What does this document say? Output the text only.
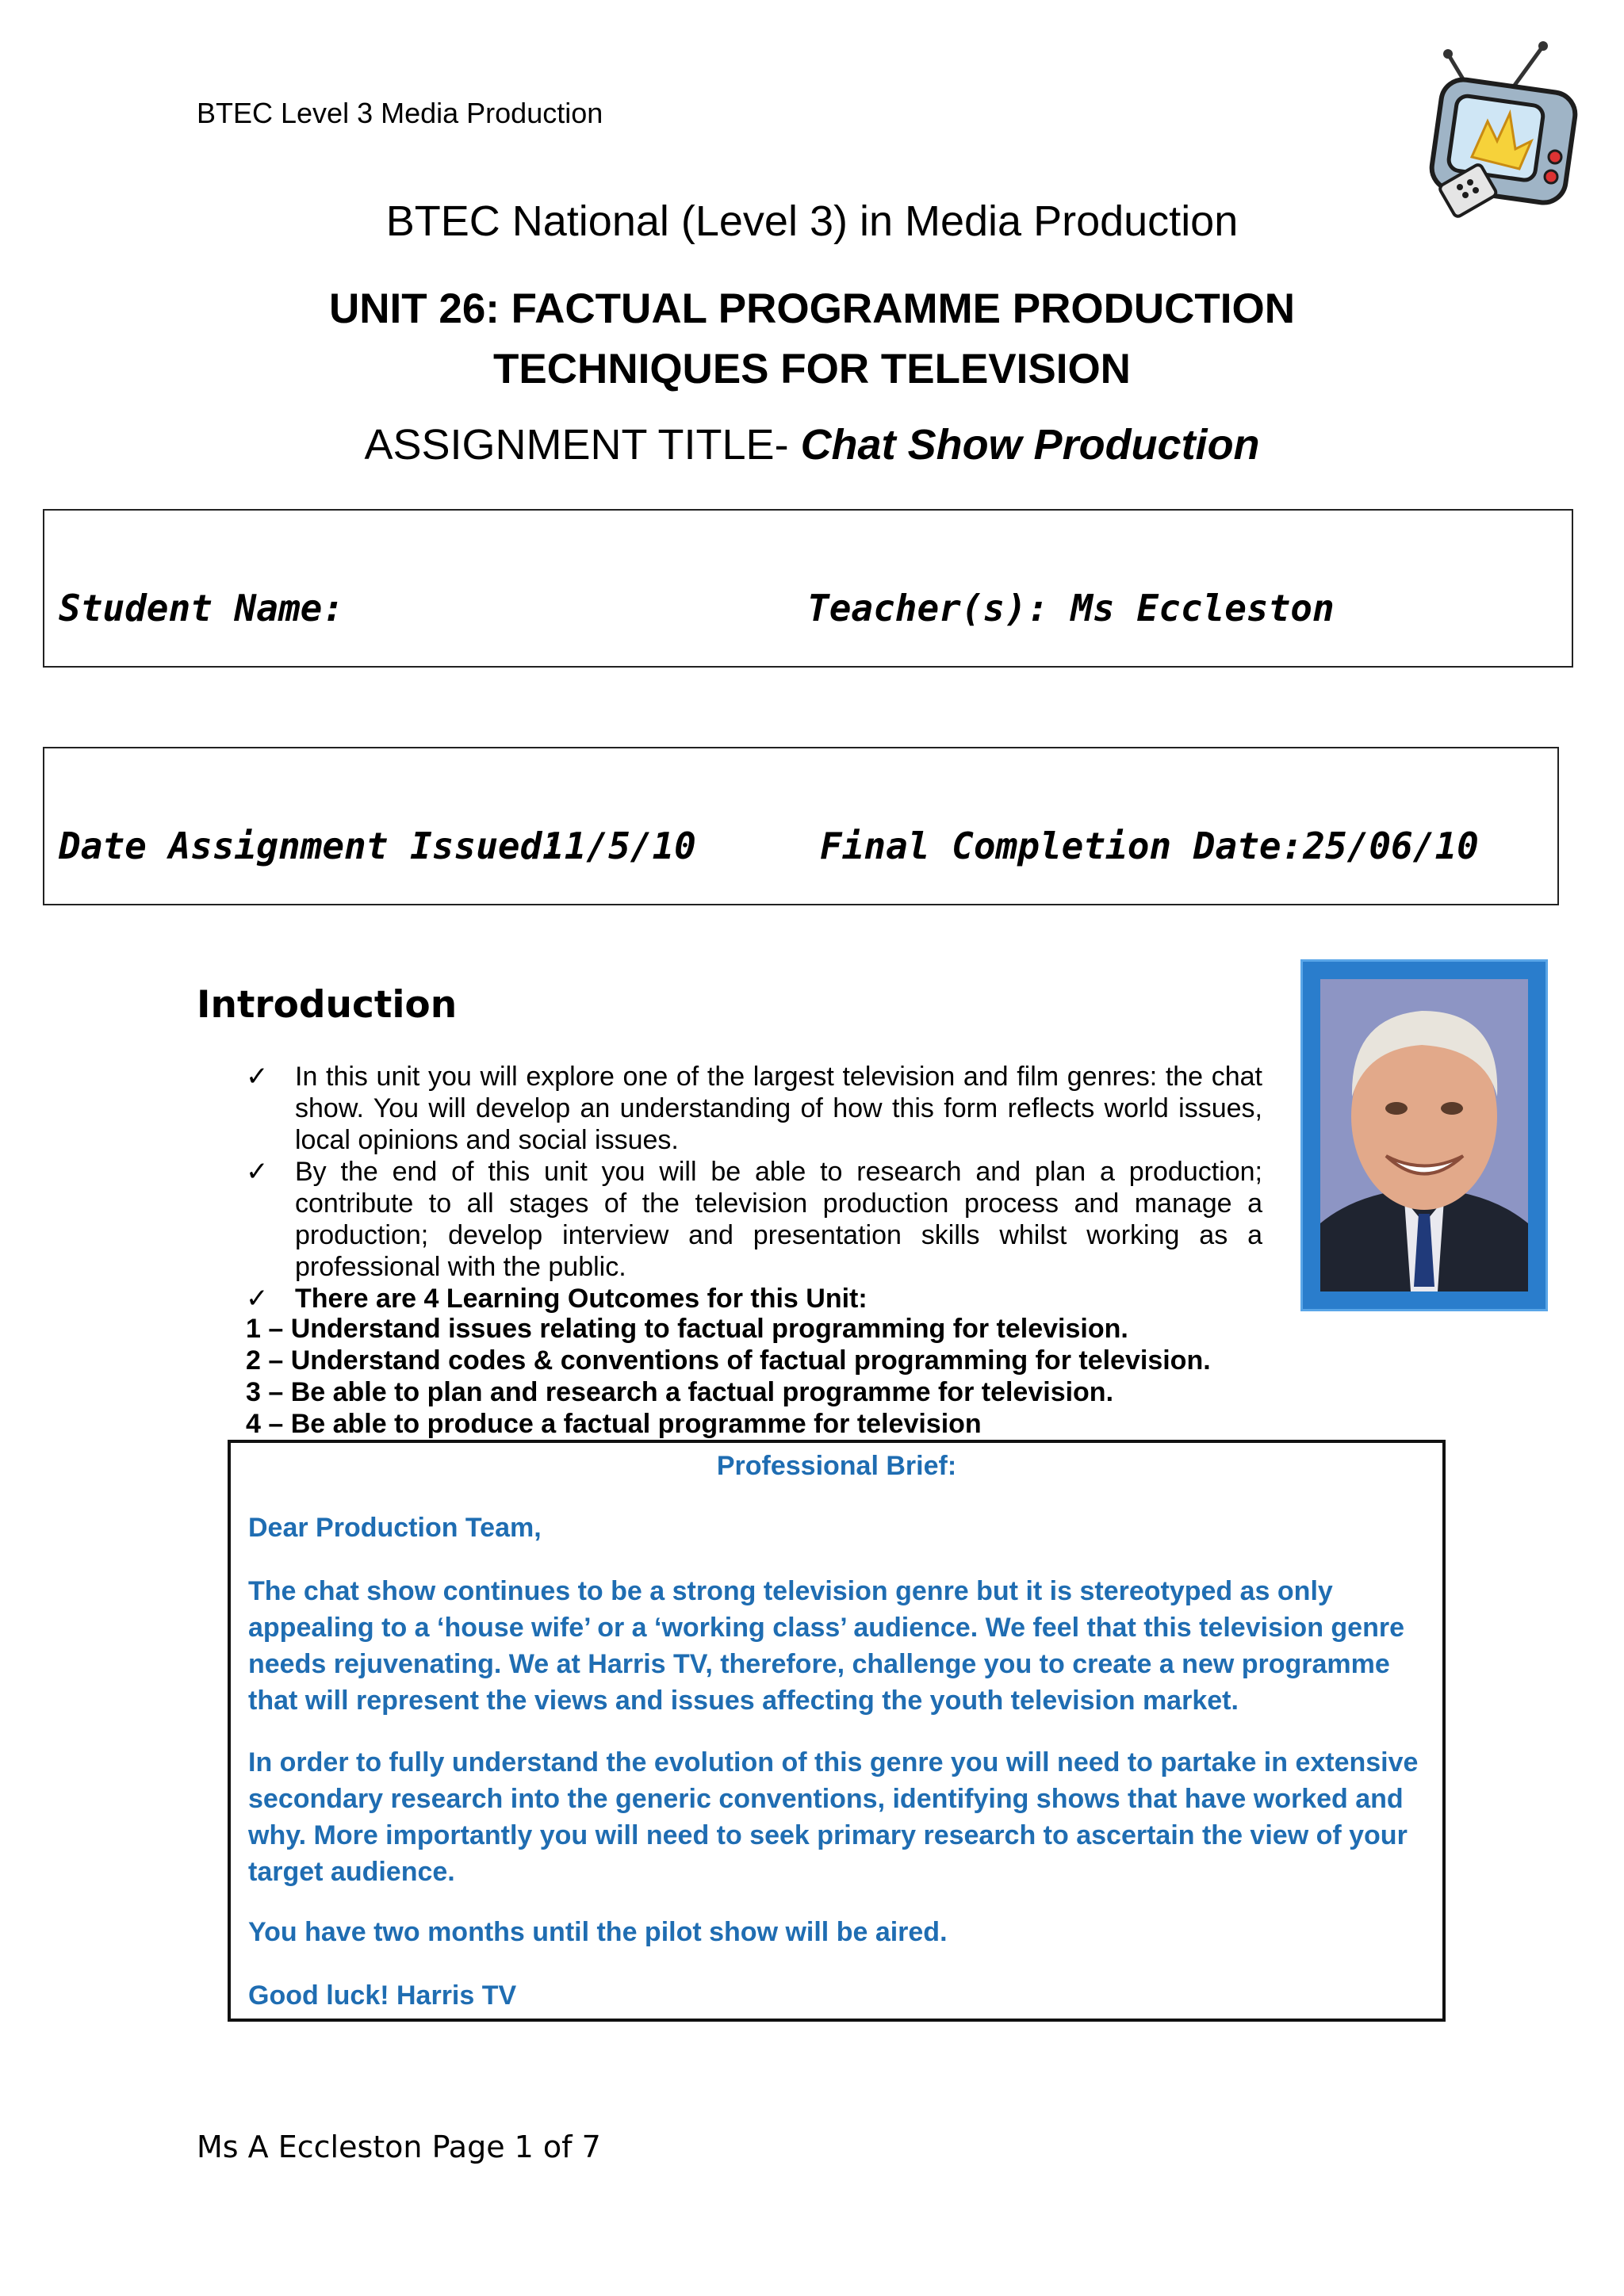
BTEC Level 3 Media Production
BTEC National (Level 3) in Media Production
UNIT 26: FACTUAL PROGRAMME PRODUCTION
TECHNIQUES FOR TELEVISION
ASSIGNMENT TITLE- Chat Show Production
Student Name:	Teacher(s): Ms Eccleston
Date Assignment Issued:
11/5/10	Final Completion Date:25/06/10
Introduction
✓ In this unit you will explore one of the largest television and film genres: the chat show. You will develop an understanding of how this form reflects world issues, local opinions and social issues.
✓ By the end of this unit you will be able to research and plan a production; contribute to all stages of the television production process and manage a production; develop interview and presentation skills whilst working as a professional with the public.
✓ There are 4 Learning Outcomes for this Unit:
1 – Understand issues relating to factual programming for television.
2 – Understand codes & conventions of factual programming for television.
3 – Be able to plan and research a factual programme for television.
4 – Be able to produce a factual programme for television
Professional Brief:

Dear Production Team,

The chat show continues to be a strong television genre but it is stereotyped as only appealing to a ‘house wife’ or a ‘working class’ audience. We feel that this television genre needs rejuvenating. We at Harris TV, therefore, challenge you to create a new programme that will represent the views and issues affecting the youth television market.

In order to fully understand the evolution of this genre you will need to partake in extensive secondary research into the generic conventions, identifying shows that have worked and why. More importantly you will need to seek primary research to ascertain the view of your target audience.

You have two months until the pilot show will be aired.

Good luck! Harris TV

Ms A Eccleston Page 1 of 7
